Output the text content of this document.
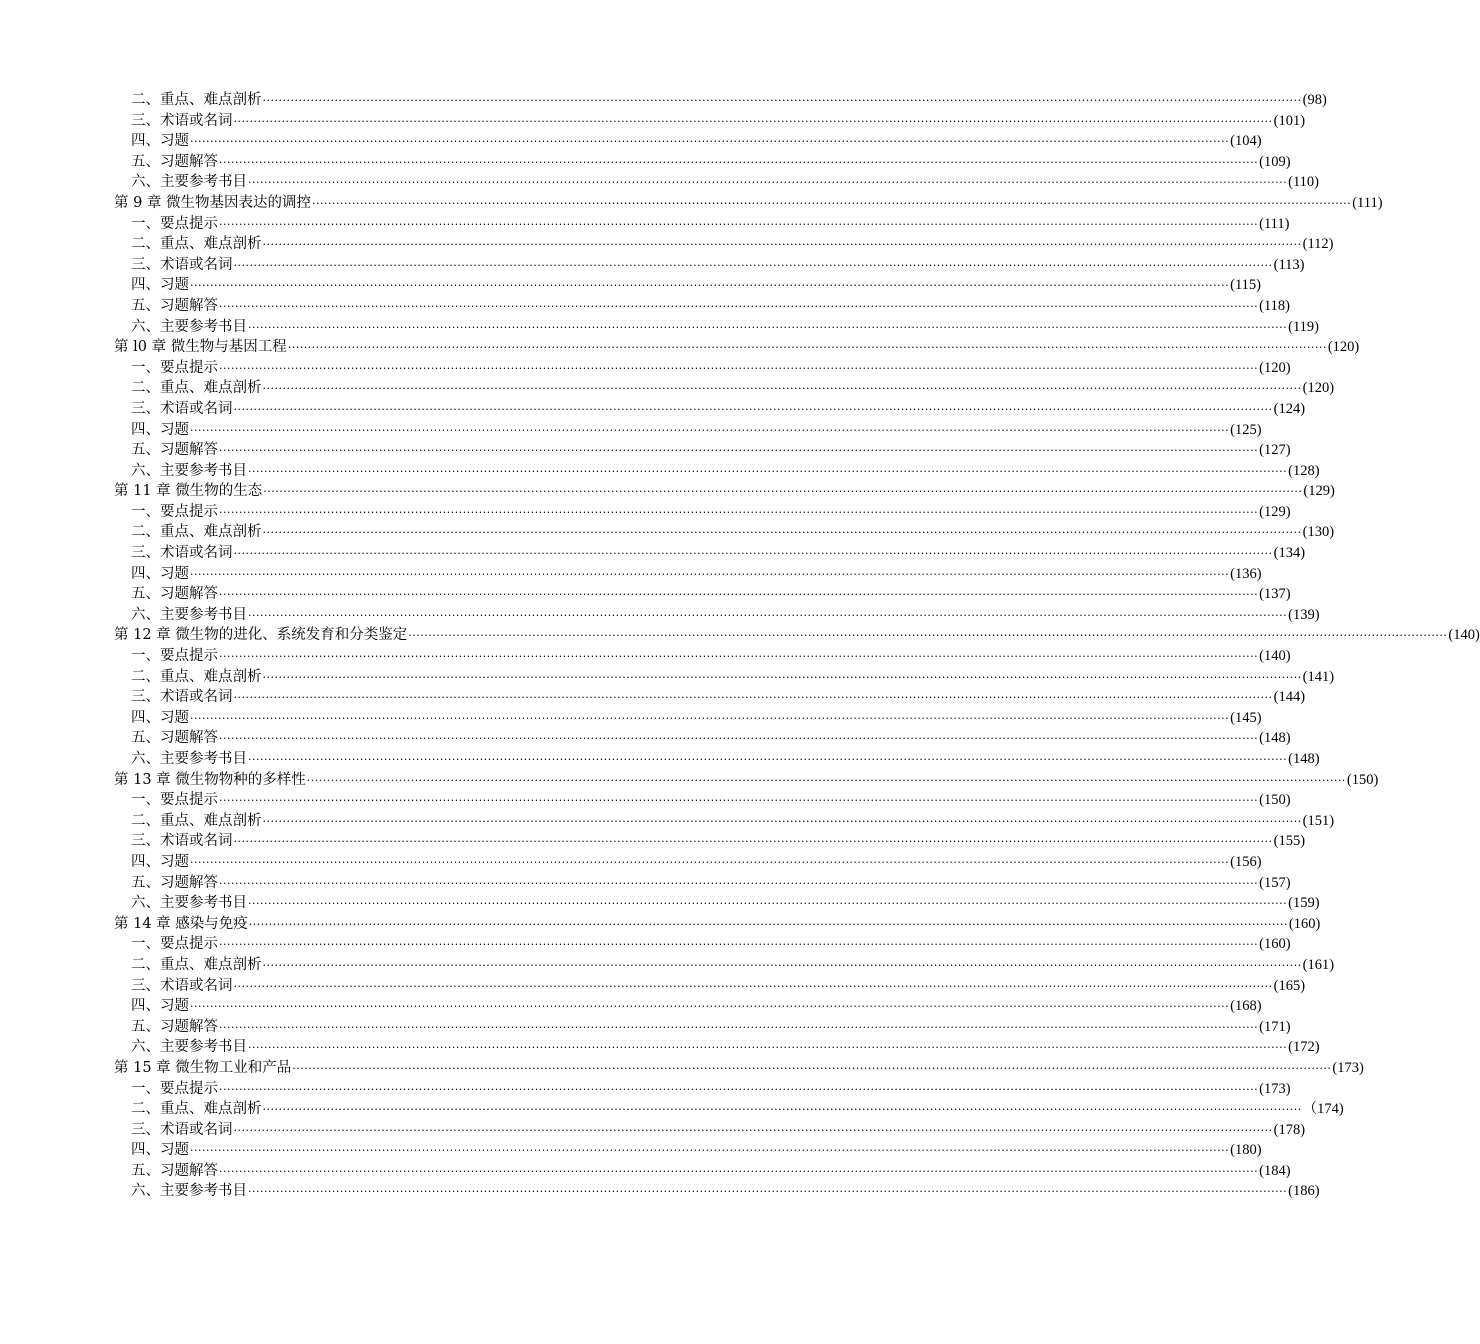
二、重点、难点剖析 ···································································································································································································································································· (98)
三、术语或名词 ···································································································································································································································································· (101)
四、习题 ···································································································································································································································································· (104)
五、习题解答 ···································································································································································································································································· (109)
六、主要参考书目 ···································································································································································································································································· (110)
第 9 章 微生物基因表达的调控 ···································································································································································································································································· (111)
一、要点提示 ···································································································································································································································································· (111)
二、重点、难点剖析 ···································································································································································································································································· (112)
三、术语或名词 ···································································································································································································································································· (113)
四、习题 ···································································································································································································································································· (115)
五、习题解答 ···································································································································································································································································· (118)
六、主要参考书目 ···································································································································································································································································· (119)
第 l0 章 微生物与基因工程 ···································································································································································································································································· (120)
一、要点提示 ···································································································································································································································································· (120)
二、重点、难点剖析 ···································································································································································································································································· (120)
三、术语或名词 ···································································································································································································································································· (124)
四、习题 ···································································································································································································································································· (125)
五、习题解答 ···································································································································································································································································· (127)
六、主要参考书目 ···································································································································································································································································· (128)
第 11 章 微生物的生态 ···································································································································································································································································· (129)
一、要点提示 ···································································································································································································································································· (129)
二、重点、难点剖析 ···································································································································································································································································· (130)
三、术语或名词 ···································································································································································································································································· (134)
四、习题 ···································································································································································································································································· (136)
五、习题解答 ···································································································································································································································································· (137)
六、主要参考书目 ···································································································································································································································································· (139)
第 12 章 微生物的进化、系统发育和分类鉴定 ···································································································································································································································································· (140)
一、要点提示 ···································································································································································································································································· (140)
二、重点、难点剖析 ···································································································································································································································································· (141)
三、术语或名词 ···································································································································································································································································· (144)
四、习题 ···································································································································································································································································· (145)
五、习题解答 ···································································································································································································································································· (148)
六、主要参考书目 ···································································································································································································································································· (148)
第 13 章 微生物物种的多样性 ···································································································································································································································································· (150)
一、要点提示 ···································································································································································································································································· (150)
二、重点、难点剖析 ···································································································································································································································································· (151)
三、术语或名词 ···································································································································································································································································· (155)
四、习题 ···································································································································································································································································· (156)
五、习题解答 ···································································································································································································································································· (157)
六、主要参考书目 ···································································································································································································································································· (159)
第 14 章 感染与免疫 ···································································································································································································································································· (160)
一、要点提示 ···································································································································································································································································· (160)
二、重点、难点剖析 ···································································································································································································································································· (161)
三、术语或名词 ···································································································································································································································································· (165)
四、习题 ···································································································································································································································································· (168)
五、习题解答 ···································································································································································································································································· (171)
六、主要参考书目 ···································································································································································································································································· (172)
第 15 章 微生物工业和产品 ···································································································································································································································································· (173)
一、要点提示 ···································································································································································································································································· (173)
二、重点、难点剖析 ···································································································································································································································································· （174)
三、术语或名词 ···································································································································································································································································· (178)
四、习题 ···································································································································································································································································· (180)
五、习题解答 ···································································································································································································································································· (184)
六、主要参考书目 ···································································································································································································································································· (186)
